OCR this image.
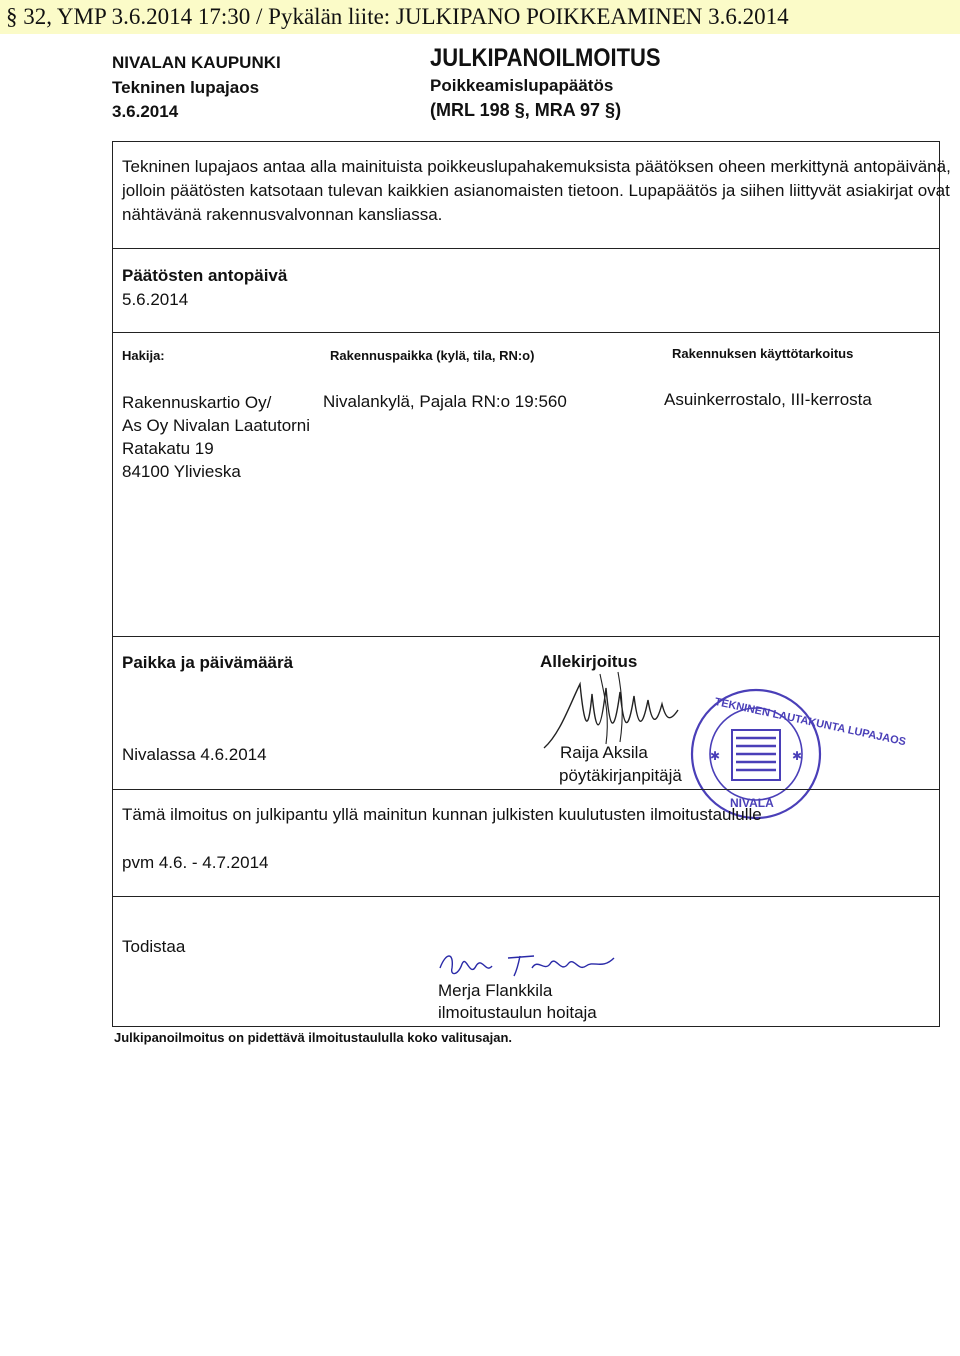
§ 32, YMP 3.6.2014 17:30 / Pykälän liite: JULKIPANO POIKKEAMINEN 3.6.2014
NIVALAN KAUPUNKI
Tekninen lupajaos
3.6.2014
JULKIPANOILMOITUS
Poikkeamislupapäätös
(MRL 198 §, MRA 97 §)
Tekninen lupajaos antaa alla mainituista poikkeuslupahakemuksista päätöksen oheen merkittynä antopäivänä,
jolloin päätösten katsotaan tulevan kaikkien asianomaisten tietoon. Lupapäätös ja siihen liittyvät asiakirjat ovat
nähtävänä rakennusvalvonnan kansliassa.
Päätösten antopäivä
5.6.2014
Hakija:	Rakennuspaikka (kylä, tila, RN:o)	Rakennuksen käyttötarkoitus
Rakennuskartio Oy/
As Oy Nivalan Laatutorni
Ratakatu 19
84100 Ylivieska
Nivalankylä, Pajala RN:o 19:560	Asuinkerrostalo, III-kerrosta
Paikka ja päivämäärä
Nivalassa 4.6.2014
Allekirjoitus
Raija Aksila
pöytäkirjanpitäjä
✱	✱
TEKNINEN LAUTAKUNTA LUPAJAOS
NIVALA
Tämä ilmoitus on julkipantu yllä mainitun kunnan julkisten kuulutusten ilmoitustaululle
pvm 4.6. - 4.7.2014
Todistaa
Merja Flankkila
ilmoitustaulun hoitaja
Julkipanoilmoitus on pidettävä ilmoitustaululla koko valitusajan.
